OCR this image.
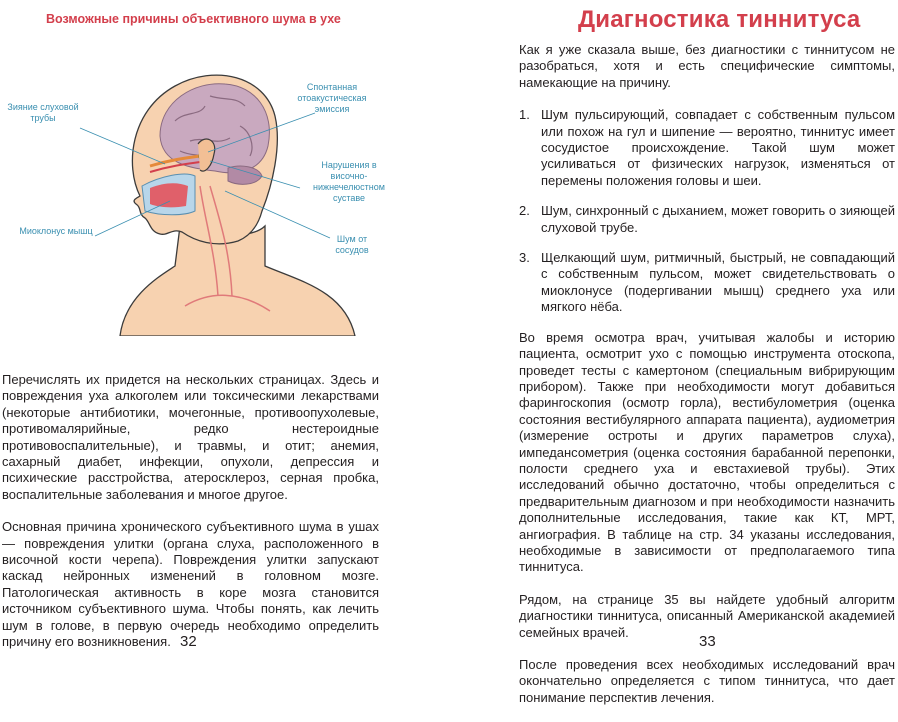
Возможные причины объективного шума в ухе
Зияние слуховой трубы
Спонтанная отоакустическая эмиссия
Нарушения в височно-нижнечелюстном суставе
Миоклонус мышц
Шум от сосудов

Перечислять их придется на нескольких страницах. Здесь и повреждения уха алкоголем или токсическими лекарствами (некоторые антибиотики, мочегонные, противоопухолевые, противомалярийные, редко нестероидные противовоспалительные), и травмы, и отит; анемия, сахарный диабет, инфекции, опухоли, депрессия и психические расстройства, атеросклероз, серная пробка, воспалительные заболевания и многое другое.

Основная причина хронического субъективного шума в ушах — повреждения улитки (органа слуха, расположенного в височной кости черепа). Повреждения улитки запускают каскад нейронных изменений в головном мозге. Патологическая активность в коре мозга становится источником субъективного шума. Чтобы понять, как лечить шум в голове, в первую очередь необходимо определить причину его возникновения. 32
Диагностика тиннитуса

Как я уже сказала выше, без диагностики с тиннитусом не разобраться, хотя и есть специфические симптомы, намекающие на причину.

1. Шум пульсирующий, совпадает с собственным пульсом или похож на гул и шипение — вероятно, тиннитус имеет сосудистое происхождение. Такой шум может усиливаться от физических нагрузок, изменяться от перемены положения головы и шеи.
2. Шум, синхронный с дыханием, может говорить о зияющей слуховой трубе.
3. Щелкающий шум, ритмичный, быстрый, не совпадающий с собственным пульсом, может свидетельствовать о миоклонусе (подергивании мышц) среднего уха или мягкого нёба.

Во время осмотра врач, учитывая жалобы и историю пациента, осмотрит ухо с помощью инструмента отоскопа, проведет тесты с камертоном (специальным вибрирующим прибором). Также при необходимости могут добавиться фарингоскопия (осмотр горла), вестибулометрия (оценка состояния вестибулярного аппарата пациента), аудиометрия (измерение остроты и других параметров слуха), импедансометрия (оценка состояния барабанной перепонки, полости среднего уха и евстахиевой трубы). Этих исследований обычно достаточно, чтобы определиться с предварительным диагнозом и при необходимости назначить дополнительные исследования, такие как КТ, МРТ, ангиография. В таблице на стр. 34 указаны исследования, необходимые в зависимости от предполагаемого типа тиннитуса.

Рядом, на странице 35 вы найдете удобный алгоритм диагностики тиннитуса, описанный Американской академией семейных врачей.

После проведения всех необходимых исследований врач окончательно определяется с типом тиннитуса, что дает понимание перспектив лечения.

33
